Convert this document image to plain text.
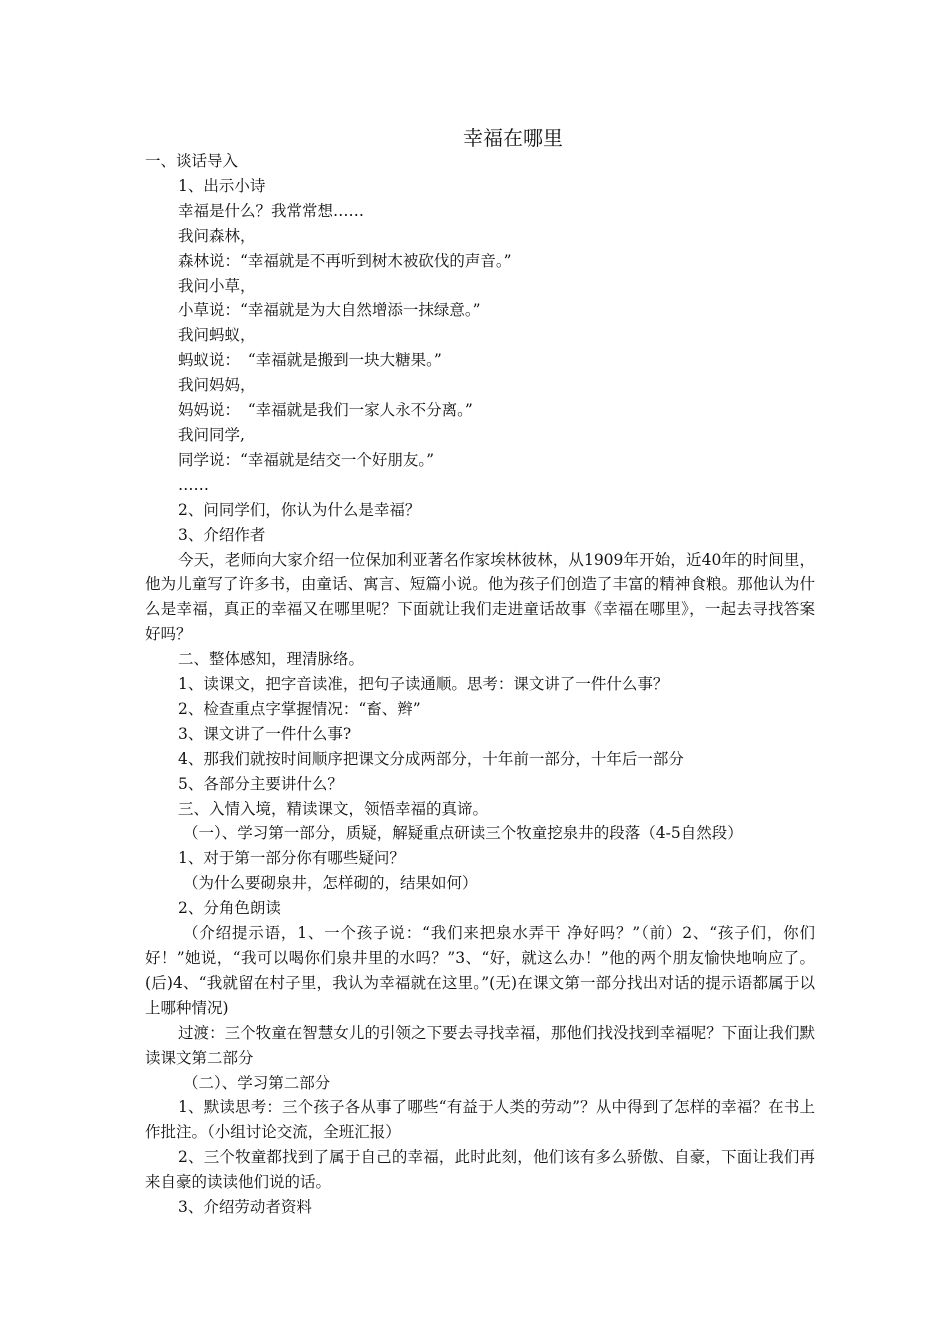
幸福在哪里

一、谈话导入

1、出示小诗

幸福是什么？我常常想……

我问森林，

森林说：“幸福就是不再听到树木被砍伐的声音。”

我问小草，

小草说：“幸福就是为大自然增添一抹绿意。”

我问蚂蚁，

蚂蚁说：　“幸福就是搬到一块大糖果。”

我问妈妈，

妈妈说：　“幸福就是我们一家人永不分离。”

我问同学,

同学说：“幸福就是结交一个好朋友。”

……

2、问同学们，你认为什么是幸福？

3、介绍作者

今天，老师向大家介绍一位保加利亚著名作家埃林彼林，从1909年开始，近40年的时间里，他为儿童写了许多书，由童话、寓言、短篇小说。他为孩子们创造了丰富的精神食粮。那他认为什么是幸福，真正的幸福又在哪里呢？下面就让我们走进童话故事《幸福在哪里》，一起去寻找答案好吗？

二、整体感知，理清脉络。

1、读课文，把字音读准，把句子读通顺。思考：课文讲了一件什么事？

2、检查重点字掌握情况：“畜、辫”

3、课文讲了一件什么事?

4、那我们就按时间顺序把课文分成两部分，十年前一部分，十年后一部分

5、各部分主要讲什么？

三、入情入境，精读课文，领悟幸福的真谛。

（一）、学习第一部分，质疑，解疑重点研读三个牧童挖泉井的段落（4-5自然段）

1、对于第一部分你有哪些疑问？

（为什么要砌泉井，怎样砌的，结果如何）

2、分角色朗读

（介绍提示语，1、一个孩子说：“我们来把泉水弄干 净好吗？”（前）2、“孩子们，你们好！”她说，“我可以喝你们泉井里的水吗？”3、“好，就这么办！”他的两个朋友愉快地响应了。(后)4、“我就留在村子里，我认为幸福就在这里。”(无)在课文第一部分找出对话的提示语都属于以上哪种情况)

过渡：三个牧童在智慧女儿的引领之下要去寻找幸福，那他们找没找到幸福呢？下面让我们默读课文第二部分

（二）、学习第二部分

1、默读思考：三个孩子各从事了哪些“有益于人类的劳动”？从中得到了怎样的幸福？在书上作批注。（小组讨论交流，全班汇报）

2、三个牧童都找到了属于自己的幸福，此时此刻，他们该有多么骄傲、自豪，下面让我们再来自豪的读读他们说的话。

3、介绍劳动者资料
